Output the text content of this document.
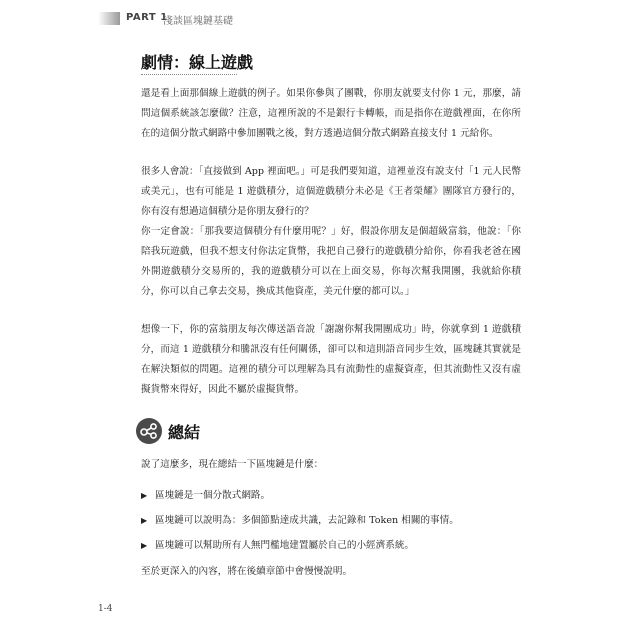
PART 1
淺談區塊鏈基礎
劇情：線上遊戲
還是看上面那個線上遊戲的例子。如果你參與了團戰，你朋友就要支付你 1 元，那麼，請問這個系統該怎麼做？注意，這裡所說的不是銀行卡轉帳，而是指你在遊戲裡面，在你所在的這個分散式網路中參加團戰之後，對方透過這個分散式網路直接支付 1 元給你。
很多人會說：「直接做到 App 裡面吧。」可是我們要知道，這裡並沒有說支付「1 元人民幣或美元」，也有可能是 1 遊戲積分，這個遊戲積分未必是《王者榮耀》團隊官方發行的，你有沒有想過這個積分是你朋友發行的？
你一定會說：「那我要這個積分有什麼用呢？」好，假設你朋友是個超級富翁，他說：「你陪我玩遊戲，但我不想支付你法定貨幣，我把自己發行的遊戲積分給你，你看我老爸在國外開遊戲積分交易所的，我的遊戲積分可以在上面交易，你每次幫我開團，我就給你積分，你可以自己拿去交易，換成其他資產，美元什麼的都可以。」
想像一下，你的富翁朋友每次傳送語音說「謝謝你幫我開團成功」時，你就拿到 1 遊戲積分，而這 1 遊戲積分和騰訊沒有任何關係，卻可以和這則語音同步生效，區塊鏈其實就是在解決類似的問題。這裡的積分可以理解為具有流動性的虛擬資產，但其流動性又沒有虛擬貨幣來得好，因此不屬於虛擬貨幣。
總結
說了這麼多，現在總結一下區塊鏈是什麼：
▶ 區塊鏈是一個分散式網路。
▶ 區塊鏈可以說明為：多個節點達成共識，去記錄和 Token 相關的事情。
▶ 區塊鏈可以幫助所有人無門檻地建置屬於自己的小經濟系統。
至於更深入的內容，將在後續章節中會慢慢說明。
1-4
